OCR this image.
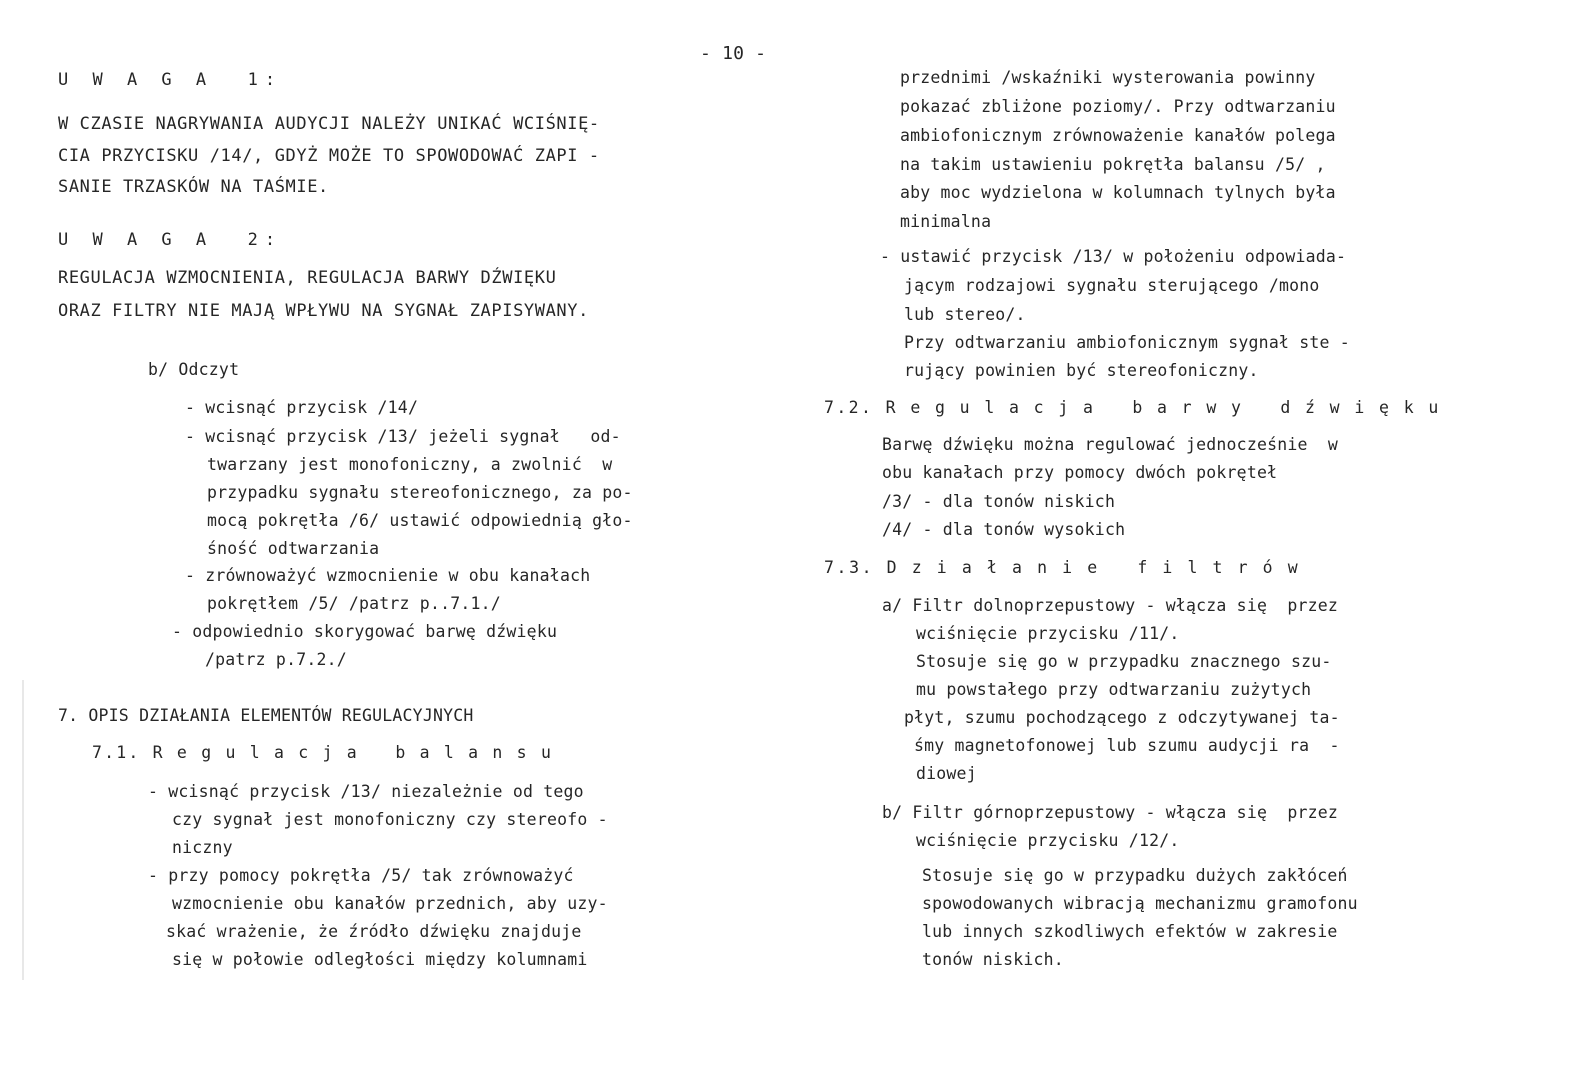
- 10 -
U W A G A  1:
W CZASIE NAGRYWANIA AUDYCJI NALEŻY UNIKAĆ WCIŚNIĘ-
CIA PRZYCISKU /14/, GDYŻ MOŻE TO SPOWODOWAĆ ZAPI -
SANIE TRZASKÓW NA TAŚMIE.
U W A G A  2:
REGULACJA WZMOCNIENIA, REGULACJA BARWY DŹWIĘKU
ORAZ FILTRY NIE MAJĄ WPŁYWU NA SYGNAŁ ZAPISYWANY.
b/ Odczyt
- wcisnąć przycisk /14/
- wcisnąć przycisk /13/ jeżeli sygnał   od-
twarzany jest monofoniczny, a zwolnić  w
przypadku sygnału stereofonicznego, za po-
mocą pokrętła /6/ ustawić odpowiednią gło-
śność odtwarzania
- zrównoważyć wzmocnienie w obu kanałach
pokrętłem /5/ /patrz p..7.1./
- odpowiednio skorygować barwę dźwięku
/patrz p.7.2./
7. OPIS DZIAŁANIA ELEMENTÓW REGULACYJNYCH
7.1. R e g u l a c j a   b a l a n s u
- wcisnąć przycisk /13/ niezależnie od tego
czy sygnał jest monofoniczny czy stereofo -
niczny
- przy pomocy pokrętła /5/ tak zrównoważyć
wzmocnienie obu kanałów przednich, aby uzy-
skać wrażenie, że źródło dźwięku znajduje
się w połowie odległości między kolumnami
przednimi /wskaźniki wysterowania powinny
pokazać zbliżone poziomy/. Przy odtwarzaniu
ambiofonicznym zrównoważenie kanałów polega
na takim ustawieniu pokrętła balansu /5/ ,
aby moc wydzielona w kolumnach tylnych była
minimalna
- ustawić przycisk /13/ w położeniu odpowiada-
jącym rodzajowi sygnału sterującego /mono
lub stereo/.
Przy odtwarzaniu ambiofonicznym sygnał ste -
rujący powinien być stereofoniczny.
7.2. R e g u l a c j a   b a r w y   d ź w i ę k u
Barwę dźwięku można regulować jednocześnie  w
obu kanałach przy pomocy dwóch pokręteł
/3/ - dla tonów niskich
/4/ - dla tonów wysokich
7.3. D z i a ł a n i e   f i l t r ó w
a/ Filtr dolnoprzepustowy - włącza się  przez
wciśnięcie przycisku /11/.
Stosuje się go w przypadku znacznego szu-
mu powstałego przy odtwarzaniu zużytych
płyt, szumu pochodzącego z odczytywanej ta-
śmy magnetofonowej lub szumu audycji ra  -
diowej
b/ Filtr górnoprzepustowy - włącza się  przez
wciśnięcie przycisku /12/.
Stosuje się go w przypadku dużych zakłóceń
spowodowanych wibracją mechanizmu gramofonu
lub innych szkodliwych efektów w zakresie
tonów niskich.
